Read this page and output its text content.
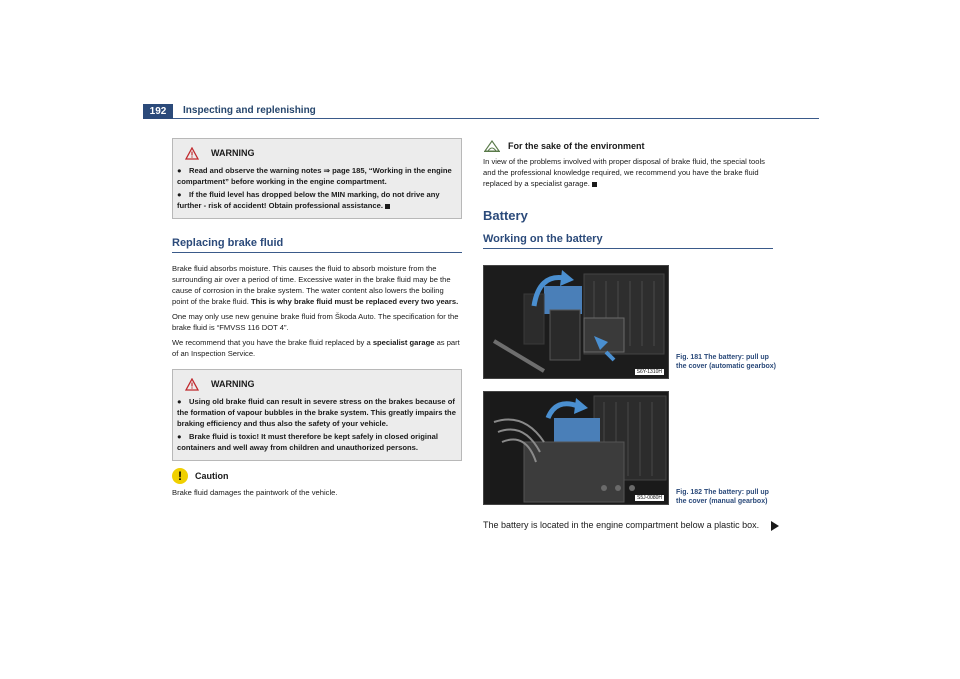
192	Inspecting and replenishing
WARNING
● Read and observe the warning notes ⇒ page 185, “Working in the engine compartment” before working in the engine compartment.
● If the fluid level has dropped below the MIN marking, do not drive any further - risk of accident! Obtain professional assistance.
Replacing brake fluid

Brake fluid absorbs moisture. This causes the fluid to absorb moisture from the surrounding air over a period of time. Excessive water in the brake fluid may be the cause of corrosion in the brake system. The water content also lowers the boiling point of the brake fluid. This is why brake fluid must be replaced every two years.

One may only use new genuine brake fluid from Škoda Auto. The specification for the brake fluid is “FMVSS 116 DOT 4”.

We recommend that you have the brake fluid replaced by a specialist garage as part of an Inspection Service.

WARNING
● Using old brake fluid can result in severe stress on the brakes because of the formation of vapour bubbles in the brake system. This greatly impairs the braking efficiency and thus also the safety of your vehicle.
● Brake fluid is toxic! It must therefore be kept safely in closed original containers and well away from children and unauthorized persons.
!	Caution

Brake fluid damages the paintwork of the vehicle.

For the sake of the environment

In view of the problems involved with proper disposal of brake fluid, the special tools and the professional knowledge required, we recommend you have the brake fluid replaced by a specialist garage.

Battery
Working on the battery
S6Y-1310H
Fig. 181 The battery: pull up the cover (automatic gearbox)
S5J-0080H
Fig. 182 The battery: pull up the cover (manual gearbox)
The battery is located in the engine compartment below a plastic box.
